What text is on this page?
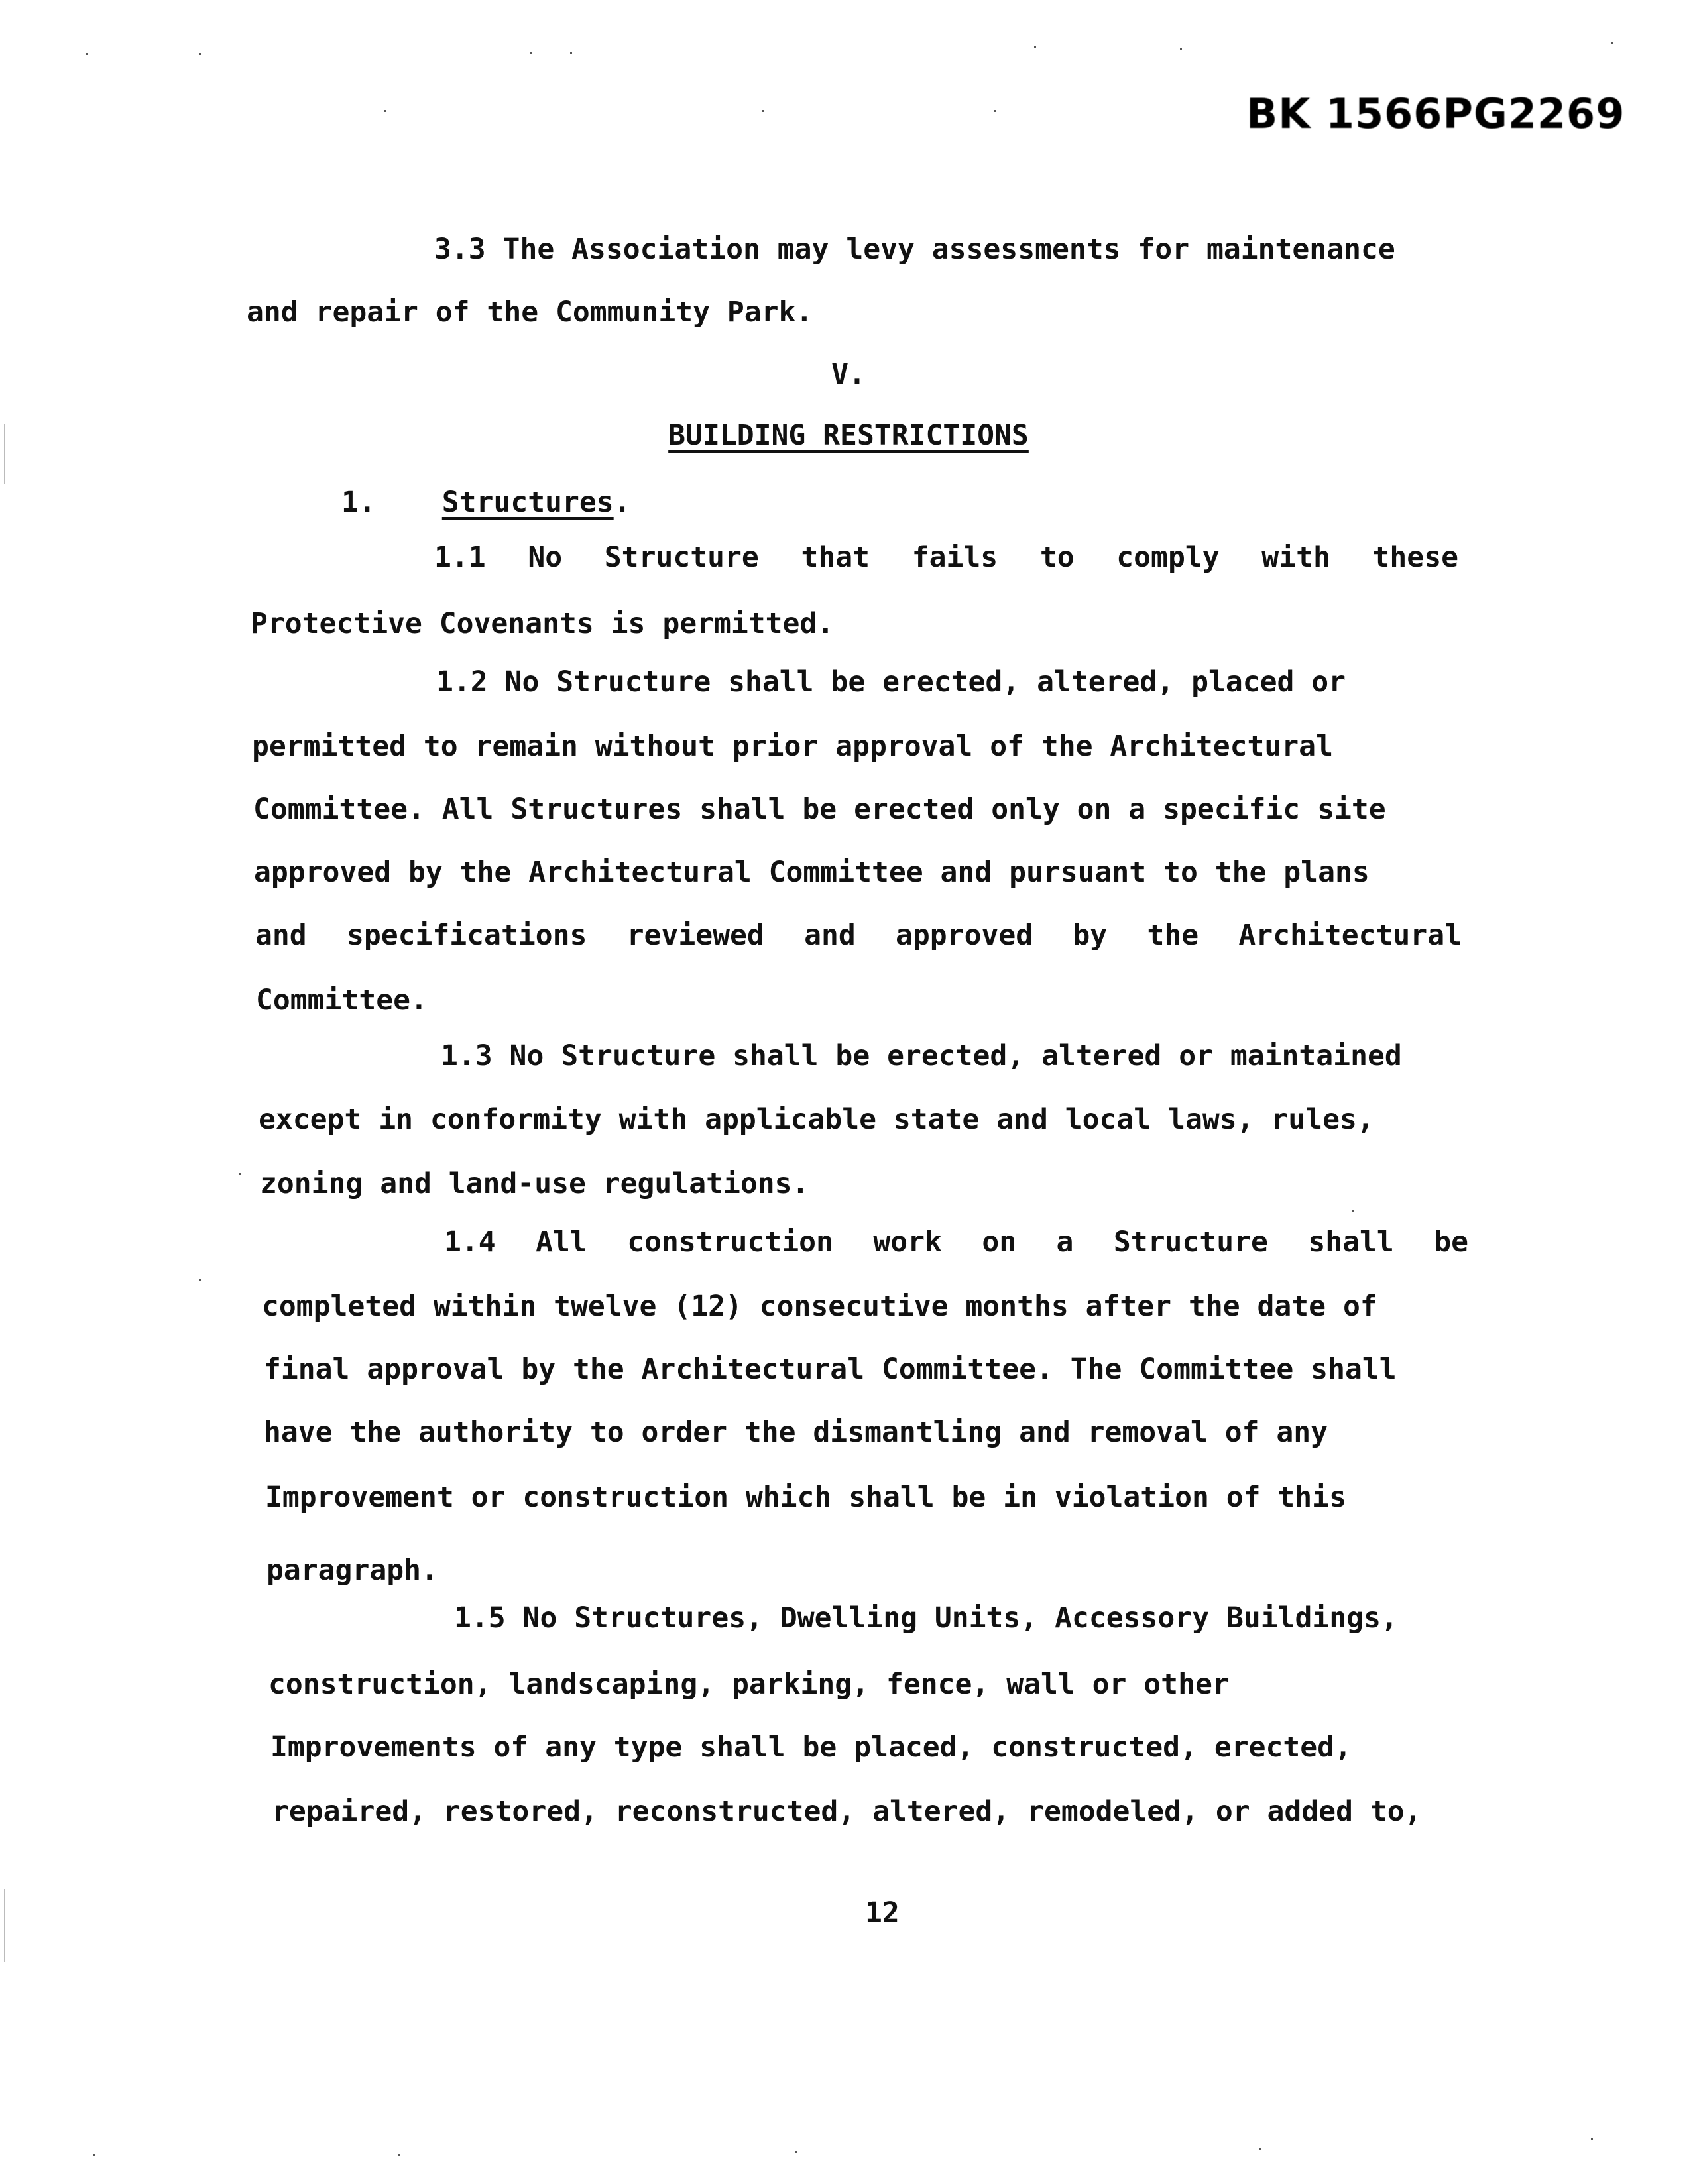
BK 1566PG2269
3.3 The Association may levy assessments for maintenance
and repair of the Community Park.
V.
BUILDING RESTRICTIONS
1. Structures.
1.1 No Structure that fails to comply with these
Protective Covenants is permitted.
1.2 No Structure shall be erected, altered, placed or
permitted to remain without prior approval of the Architectural
Committee. All Structures shall be erected only on a specific site
approved by the Architectural Committee and pursuant to the plans
and specifications reviewed and approved by the Architectural
Committee.
1.3 No Structure shall be erected, altered or maintained
except in conformity with applicable state and local laws, rules,
zoning and land-use regulations.
1.4 All construction work on a Structure shall be
completed within twelve (12) consecutive months after the date of
final approval by the Architectural Committee. The Committee shall
have the authority to order the dismantling and removal of any
Improvement or construction which shall be in violation of this
paragraph.
1.5 No Structures, Dwelling Units, Accessory Buildings,
construction, landscaping, parking, fence, wall or other
Improvements of any type shall be placed, constructed, erected,
repaired, restored, reconstructed, altered, remodeled, or added to,
12
